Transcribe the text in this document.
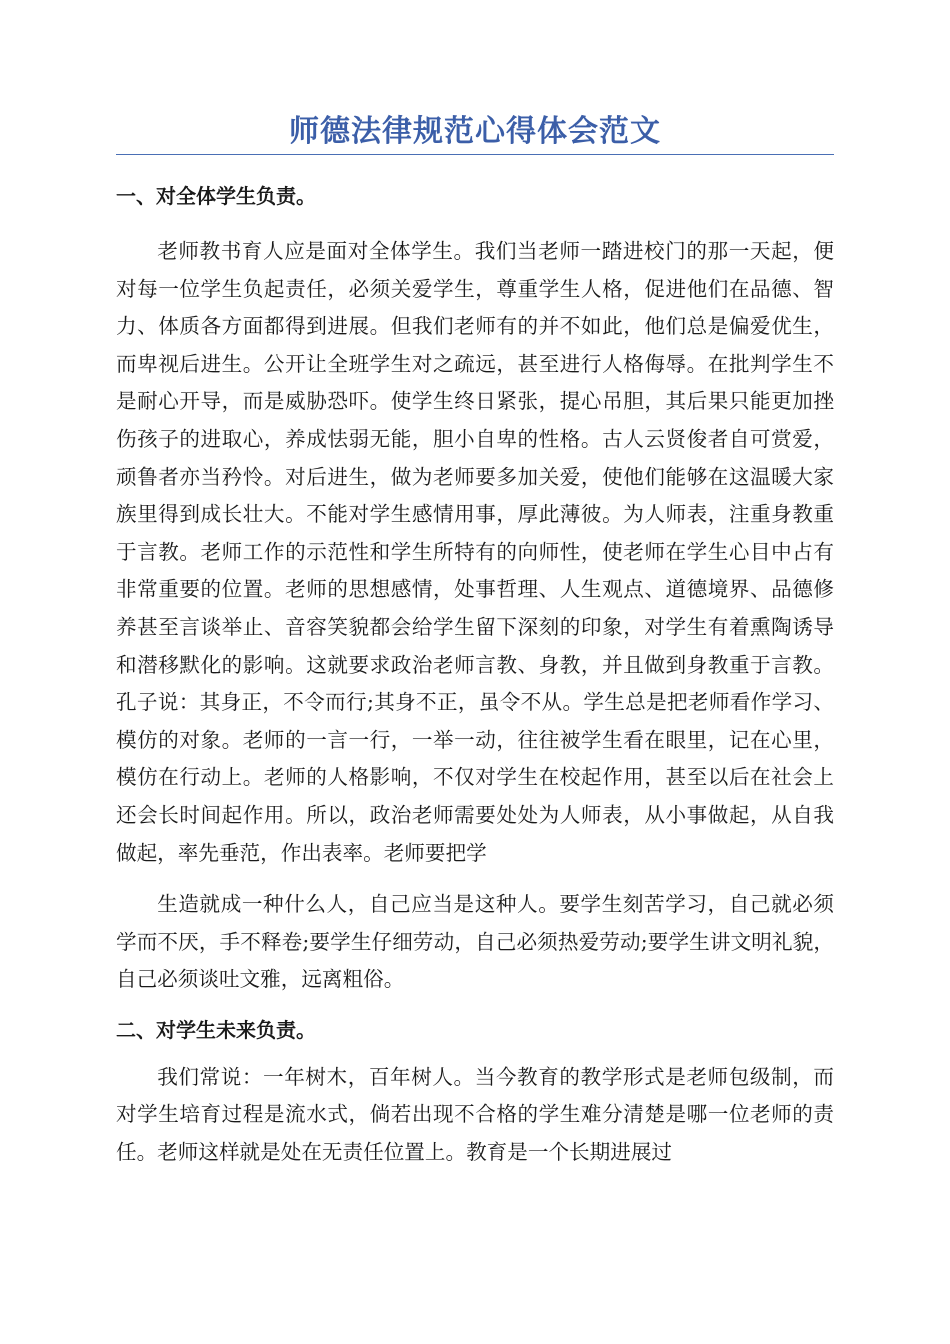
师德法律规范心得体会范文
一、对全体学生负责。

老师教书育人应是面对全体学生。我们当老师一踏进校门的那一天起，便对每一位学生负起责任，必须关爱学生，尊重学生人格，促进他们在品德、智力、体质各方面都得到进展。但我们老师有的并不如此，他们总是偏爱优生，而卑视后进生。公开让全班学生对之疏远，甚至进行人格侮辱。在批判学生不是耐心开导，而是威胁恐吓。使学生终日紧张，提心吊胆，其后果只能更加挫伤孩子的进取心，养成怯弱无能，胆小自卑的性格。古人云贤俊者自可赏爱，顽鲁者亦当矜怜。对后进生，做为老师要多加关爱，使他们能够在这温暖大家族里得到成长壮大。不能对学生感情用事，厚此薄彼。为人师表，注重身教重于言教。老师工作的示范性和学生所特有的向师性，使老师在学生心目中占有非常重要的位置。老师的思想感情，处事哲理、人生观点、道德境界、品德修养甚至言谈举止、音容笑貌都会给学生留下深刻的印象，对学生有着熏陶诱导和潜移默化的影响。这就要求政治老师言教、身教，并且做到身教重于言教。孔子说：其身正，不令而行;其身不正，虽令不从。学生总是把老师看作学习、模仿的对象。老师的一言一行，一举一动，往往被学生看在眼里，记在心里，模仿在行动上。老师的人格影响，不仅对学生在校起作用，甚至以后在社会上还会长时间起作用。所以，政治老师需要处处为人师表，从小事做起，从自我做起，率先垂范，作出表率。老师要把学

生造就成一种什么人，自己应当是这种人。要学生刻苦学习，自己就必须学而不厌，手不释卷;要学生仔细劳动，自己必须热爱劳动;要学生讲文明礼貌，自己必须谈吐文雅，远离粗俗。

二、对学生未来负责。

我们常说：一年树木，百年树人。当今教育的教学形式是老师包级制，而对学生培育过程是流水式，倘若出现不合格的学生难分清楚是哪一位老师的责任。老师这样就是处在无责任位置上。教育是一个长期进展过
